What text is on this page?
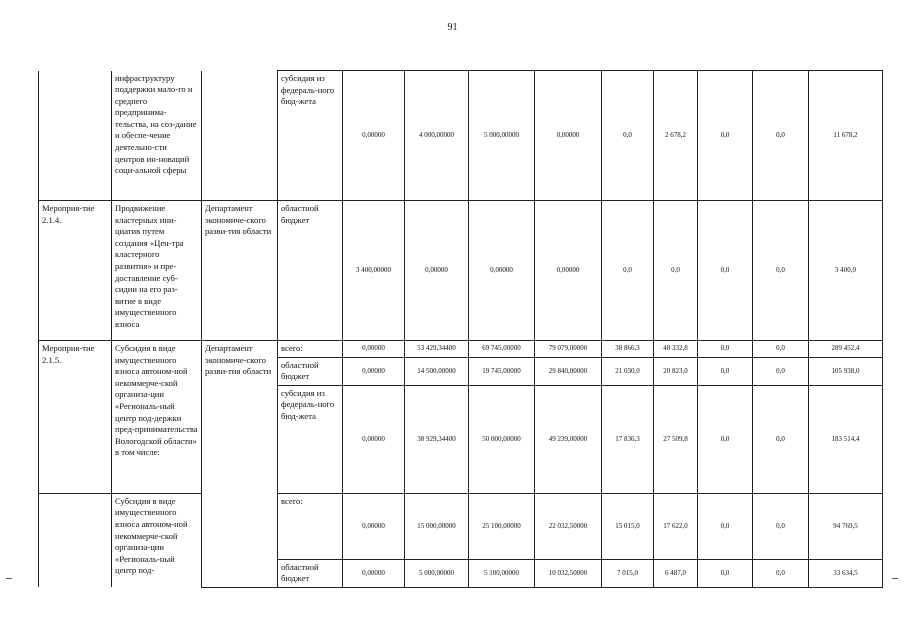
91
	инфраструктуру поддержки мало-го и среднего предпринима-тельства, на соз-дание и обеспе-чение деятельно-сти центров ин-новаций соци-альной сферы		субсидия из федераль-ного бюд-жета	0,00000	4 000,00000	5 000,00000	0,00000	0,0	2 678,2	0,0	0,0	11 678,2
Мероприя-тие 2.1.4.	Продвижение кластерных ини-циатив путем создания «Цен-тра кластерного развития» и пре-доставление суб-сидии на его раз-витие в виде имущественного взноса	Департамент экономиче-ского разви-тия области	областной бюджет	3 400,00000	0,00000	0,00000	0,00000	0,0	0,0	0,0	0,0	3 400,0
Мероприя-тие 2.1.5.	Субсидия в виде имущественного взноса автоном-ной некоммерче-ской организа-ции «Региональ-ный центр под-держки пред-принимательства Вологодской области» в том числе:	Департамент экономиче-ского разви-тия области	всего:	0,00000	53 429,34400	69 745,00000	79 079,00000	38 866,3	48 332,8	0,0	0,0	289 452,4
			областной бюджет	0,00000	14 500,00000	19 745,00000	29 840,00000	21 030,0	20 823,0	0,0	0,0	105 938,0
			субсидия из федераль-ного бюд-жета	0,00000	38 929,34400	50 000,00000	49 239,00000	17 836,3	27 509,8	0,0	0,0	183 514,4
	Субсидия в виде имущественного взноса автоном-ной некоммерче-ской организа-ции «Региональ-ный центр под-		всего:	0,00000	15 000,00000	25 100,00000	22 032,50000	15 015,0	17 622,0	0,0	0,0	94 769,5
			областной бюджет	0,00000	5 000,00000	5 100,00000	10 032,50000	7 015,0	6 487,0	0,0	0,0	33 634,5
